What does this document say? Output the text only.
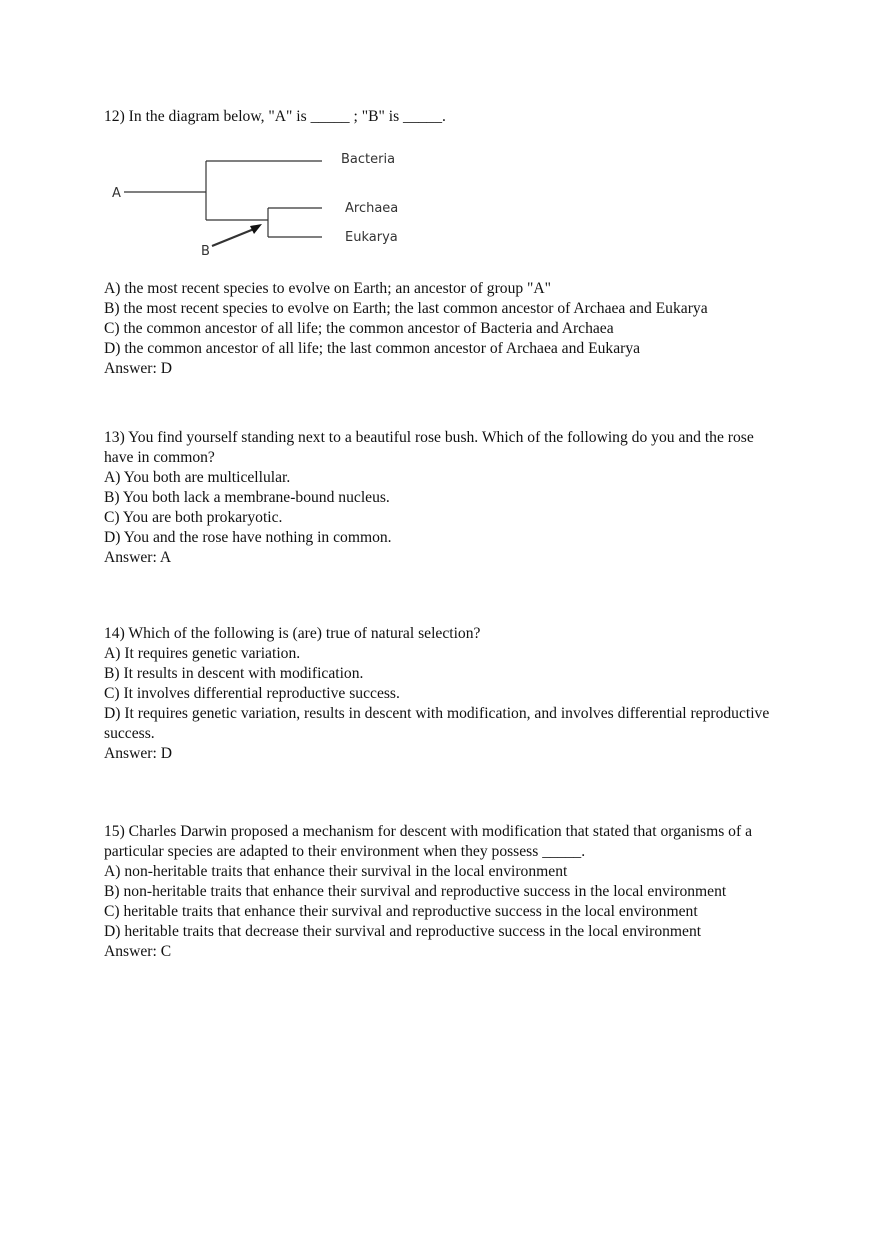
12) In the diagram below, "A" is _____ ; "B" is _____.

A) the most recent species to evolve on Earth; an ancestor of group "A"

B) the most recent species to evolve on Earth; the last common ancestor of Archaea and Eukarya

C) the common ancestor of all life; the common ancestor of Bacteria and Archaea

D) the common ancestor of all life; the last common ancestor of Archaea and Eukarya

Answer: D

A
B
Bacteria
Archaea
Eukarya

13) You find yourself standing next to a beautiful rose bush. Which of the following do you and the rose have in common?

A) You both are multicellular.

B) You both lack a membrane-bound nucleus.

C) You are both prokaryotic.

D) You and the rose have nothing in common.

Answer: A

14) Which of the following is (are) true of natural selection?

A) It requires genetic variation.

B) It results in descent with modification.

C) It involves differential reproductive success.

D) It requires genetic variation, results in descent with modification, and involves differential reproductive success.

Answer: D

15) Charles Darwin proposed a mechanism for descent with modification that stated that organisms of a particular species are adapted to their environment when they possess _____.

A) non-heritable traits that enhance their survival in the local environment

B) non-heritable traits that enhance their survival and reproductive success in the local environment

C) heritable traits that enhance their survival and reproductive success in the local environment

D) heritable traits that decrease their survival and reproductive success in the local environment

Answer: C
